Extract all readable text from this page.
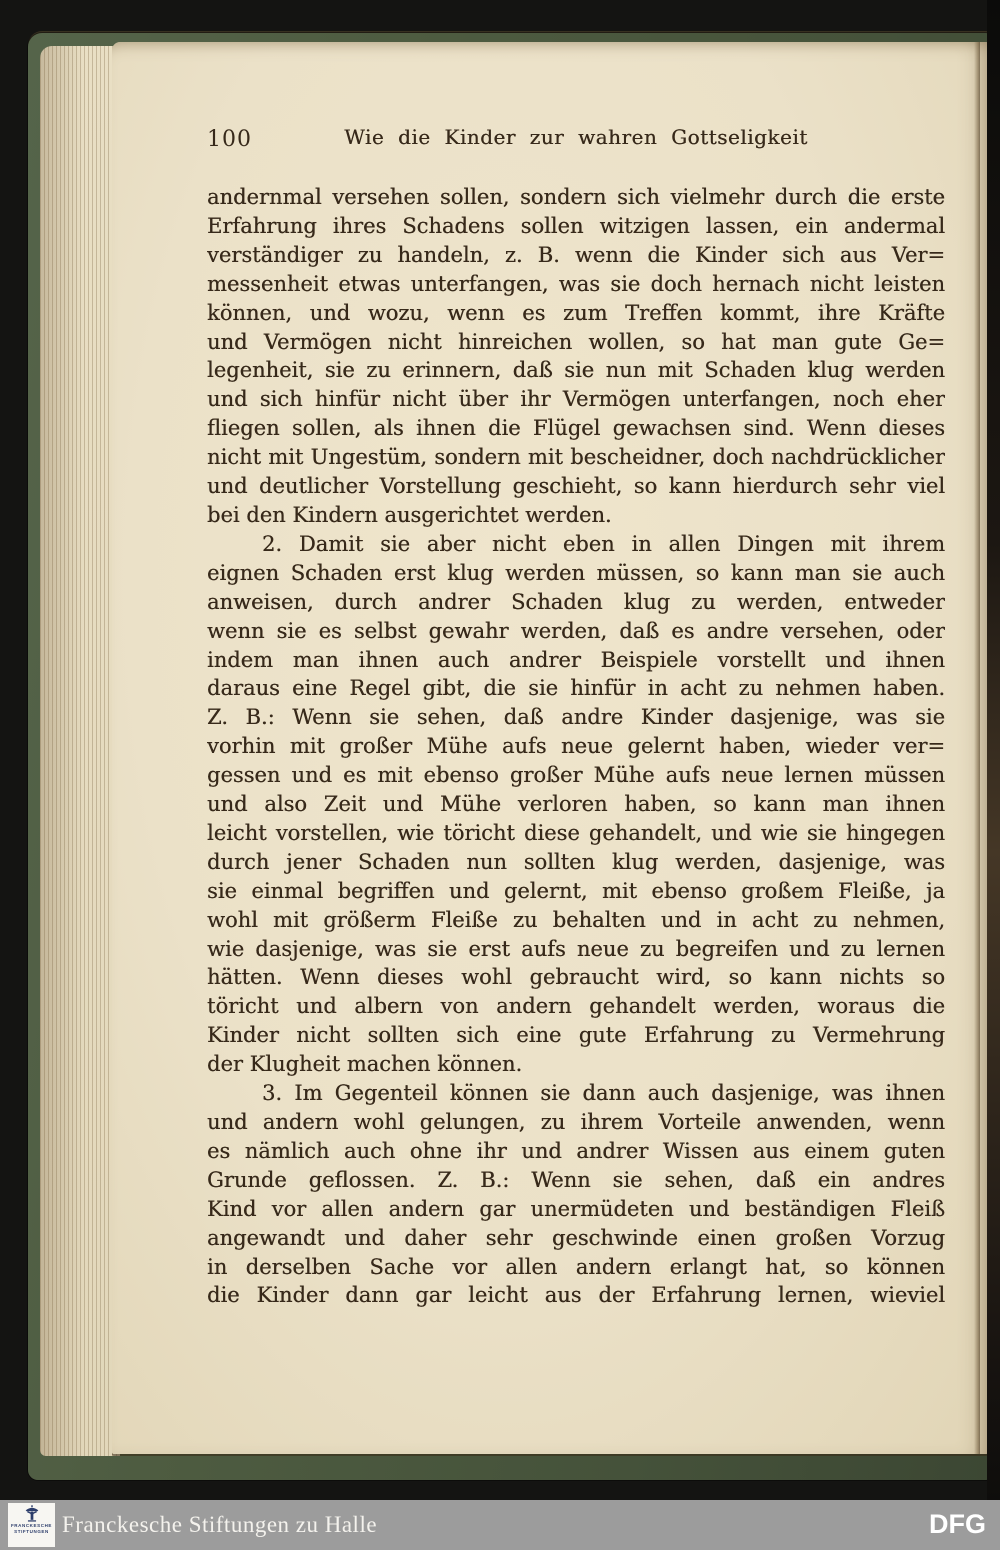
100	Wie die Kinder zur wahren Gottseligkeit
andernmal versehen sollen, sondern sich vielmehr durch die erste
Erfahrung ihres Schadens sollen witzigen lassen, ein andermal
verständiger zu handeln, z. B. wenn die Kinder sich aus Ver=
messenheit etwas unterfangen, was sie doch hernach nicht leisten
können, und wozu, wenn es zum Treffen kommt, ihre Kräfte
und Vermögen nicht hinreichen wollen, so hat man gute Ge=
legenheit, sie zu erinnern, daß sie nun mit Schaden klug werden
und sich hinfür nicht über ihr Vermögen unterfangen, noch eher
fliegen sollen, als ihnen die Flügel gewachsen sind. Wenn dieses
nicht mit Ungestüm, sondern mit bescheidner, doch nachdrücklicher
und deutlicher Vorstellung geschieht, so kann hierdurch sehr viel
bei den Kindern ausgerichtet werden.
2. Damit sie aber nicht eben in allen Dingen mit ihrem
eignen Schaden erst klug werden müssen, so kann man sie auch
anweisen, durch andrer Schaden klug zu werden, entweder
wenn sie es selbst gewahr werden, daß es andre versehen, oder
indem man ihnen auch andrer Beispiele vorstellt und ihnen
daraus eine Regel gibt, die sie hinfür in acht zu nehmen haben.
Z. B.: Wenn sie sehen, daß andre Kinder dasjenige, was sie
vorhin mit großer Mühe aufs neue gelernt haben, wieder ver=
gessen und es mit ebenso großer Mühe aufs neue lernen müssen
und also Zeit und Mühe verloren haben, so kann man ihnen
leicht vorstellen, wie töricht diese gehandelt, und wie sie hingegen
durch jener Schaden nun sollten klug werden, dasjenige, was
sie einmal begriffen und gelernt, mit ebenso großem Fleiße, ja
wohl mit größerm Fleiße zu behalten und in acht zu nehmen,
wie dasjenige, was sie erst aufs neue zu begreifen und zu lernen
hätten. Wenn dieses wohl gebraucht wird, so kann nichts so
töricht und albern von andern gehandelt werden, woraus die
Kinder nicht sollten sich eine gute Erfahrung zu Vermehrung
der Klugheit machen können.
3. Im Gegenteil können sie dann auch dasjenige, was ihnen
und andern wohl gelungen, zu ihrem Vorteile anwenden, wenn
es nämlich auch ohne ihr und andrer Wissen aus einem guten
Grunde geflossen. Z. B.: Wenn sie sehen, daß ein andres
Kind vor allen andern gar unermüdeten und beständigen Fleiß
angewandt und daher sehr geschwinde einen großen Vorzug
in derselben Sache vor allen andern erlangt hat, so können
die Kinder dann gar leicht aus der Erfahrung lernen, wieviel
FRANCKESCHE
STIFTUNGEN Franckesche Stiftungen zu Halle	DFG
